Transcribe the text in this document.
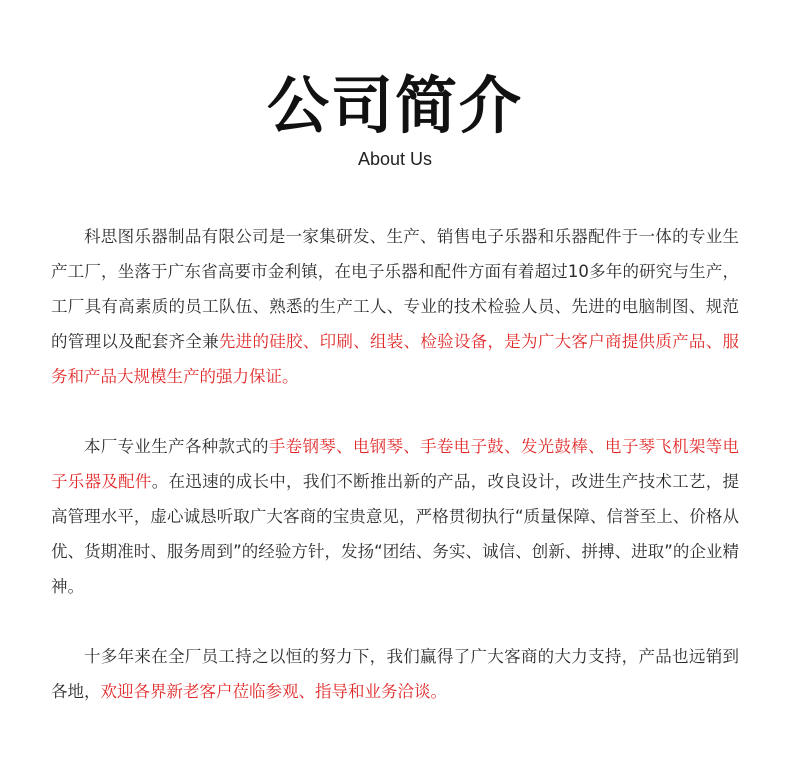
公司简介
About Us

科思图乐器制品有限公司是一家集研发、生产、销售电子乐器和乐器配件于一体的专业生产工厂，坐落于广东省高要市金利镇，在电子乐器和配件方面有着超过10多年的研究与生产，工厂具有高素质的员工队伍、熟悉的生产工人、专业的技术检验人员、先进的电脑制图、规范的管理以及配套齐全兼先进的硅胶、印刷、组装、检验设备，是为广大客户商提供质产品、服务和产品大规模生产的强力保证。

本厂专业生产各种款式的手卷钢琴、电钢琴、手卷电子鼓、发光鼓棒、电子琴飞机架等电子乐器及配件。在迅速的成长中，我们不断推出新的产品，改良设计，改进生产技术工艺，提高管理水平，虚心诚恳听取广大客商的宝贵意见，严格贯彻执行“质量保障、信誉至上、价格从优、货期准时、服务周到”的经验方针，发扬“团结、务实、诚信、创新、拼搏、进取”的企业精神。

十多年来在全厂员工持之以恒的努力下，我们赢得了广大客商的大力支持，产品也远销到各地，欢迎各界新老客户莅临参观、指导和业务洽谈。
